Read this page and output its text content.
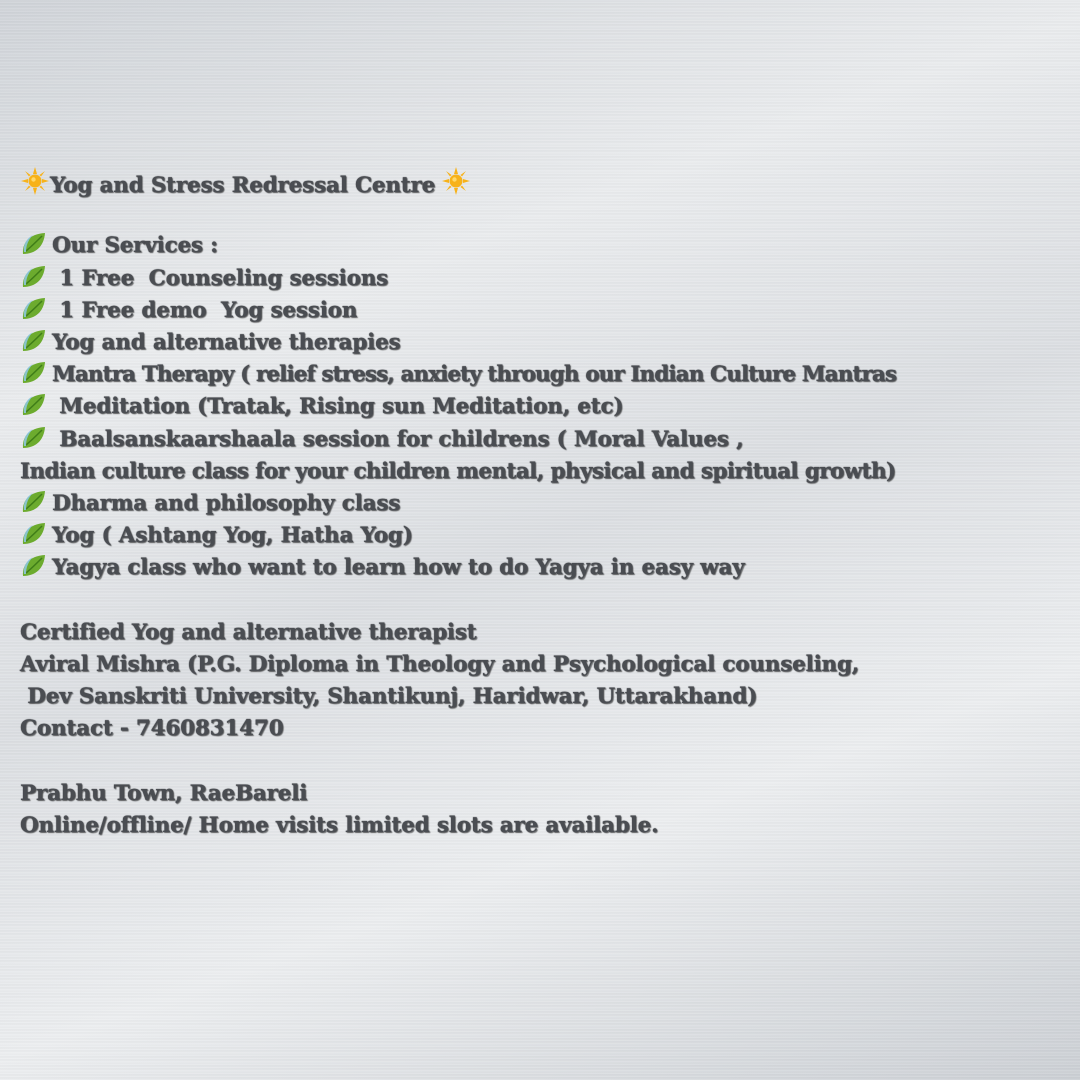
Yog and Stress Redressal Centre
Our Services :
1 Free  Counseling sessions
1 Free demo  Yog session
Yog and alternative therapies
Mantra Therapy ( relief stress, anxiety through our Indian Culture Mantras
Meditation (Tratak, Rising sun Meditation, etc)
Baalsanskaarshaala session for childrens ( Moral Values ,
Indian culture class for your children mental, physical and spiritual growth)
Dharma and philosophy class
Yog ( Ashtang Yog, Hatha Yog)
Yagya class who want to learn how to do Yagya in easy way
Certified Yog and alternative therapist
Aviral Mishra (P.G. Diploma in Theology and Psychological counseling,
Dev Sanskriti University, Shantikunj, Haridwar, Uttarakhand)
Contact - 7460831470
Prabhu Town, RaeBareli
Online/offline/ Home visits limited slots are available.
